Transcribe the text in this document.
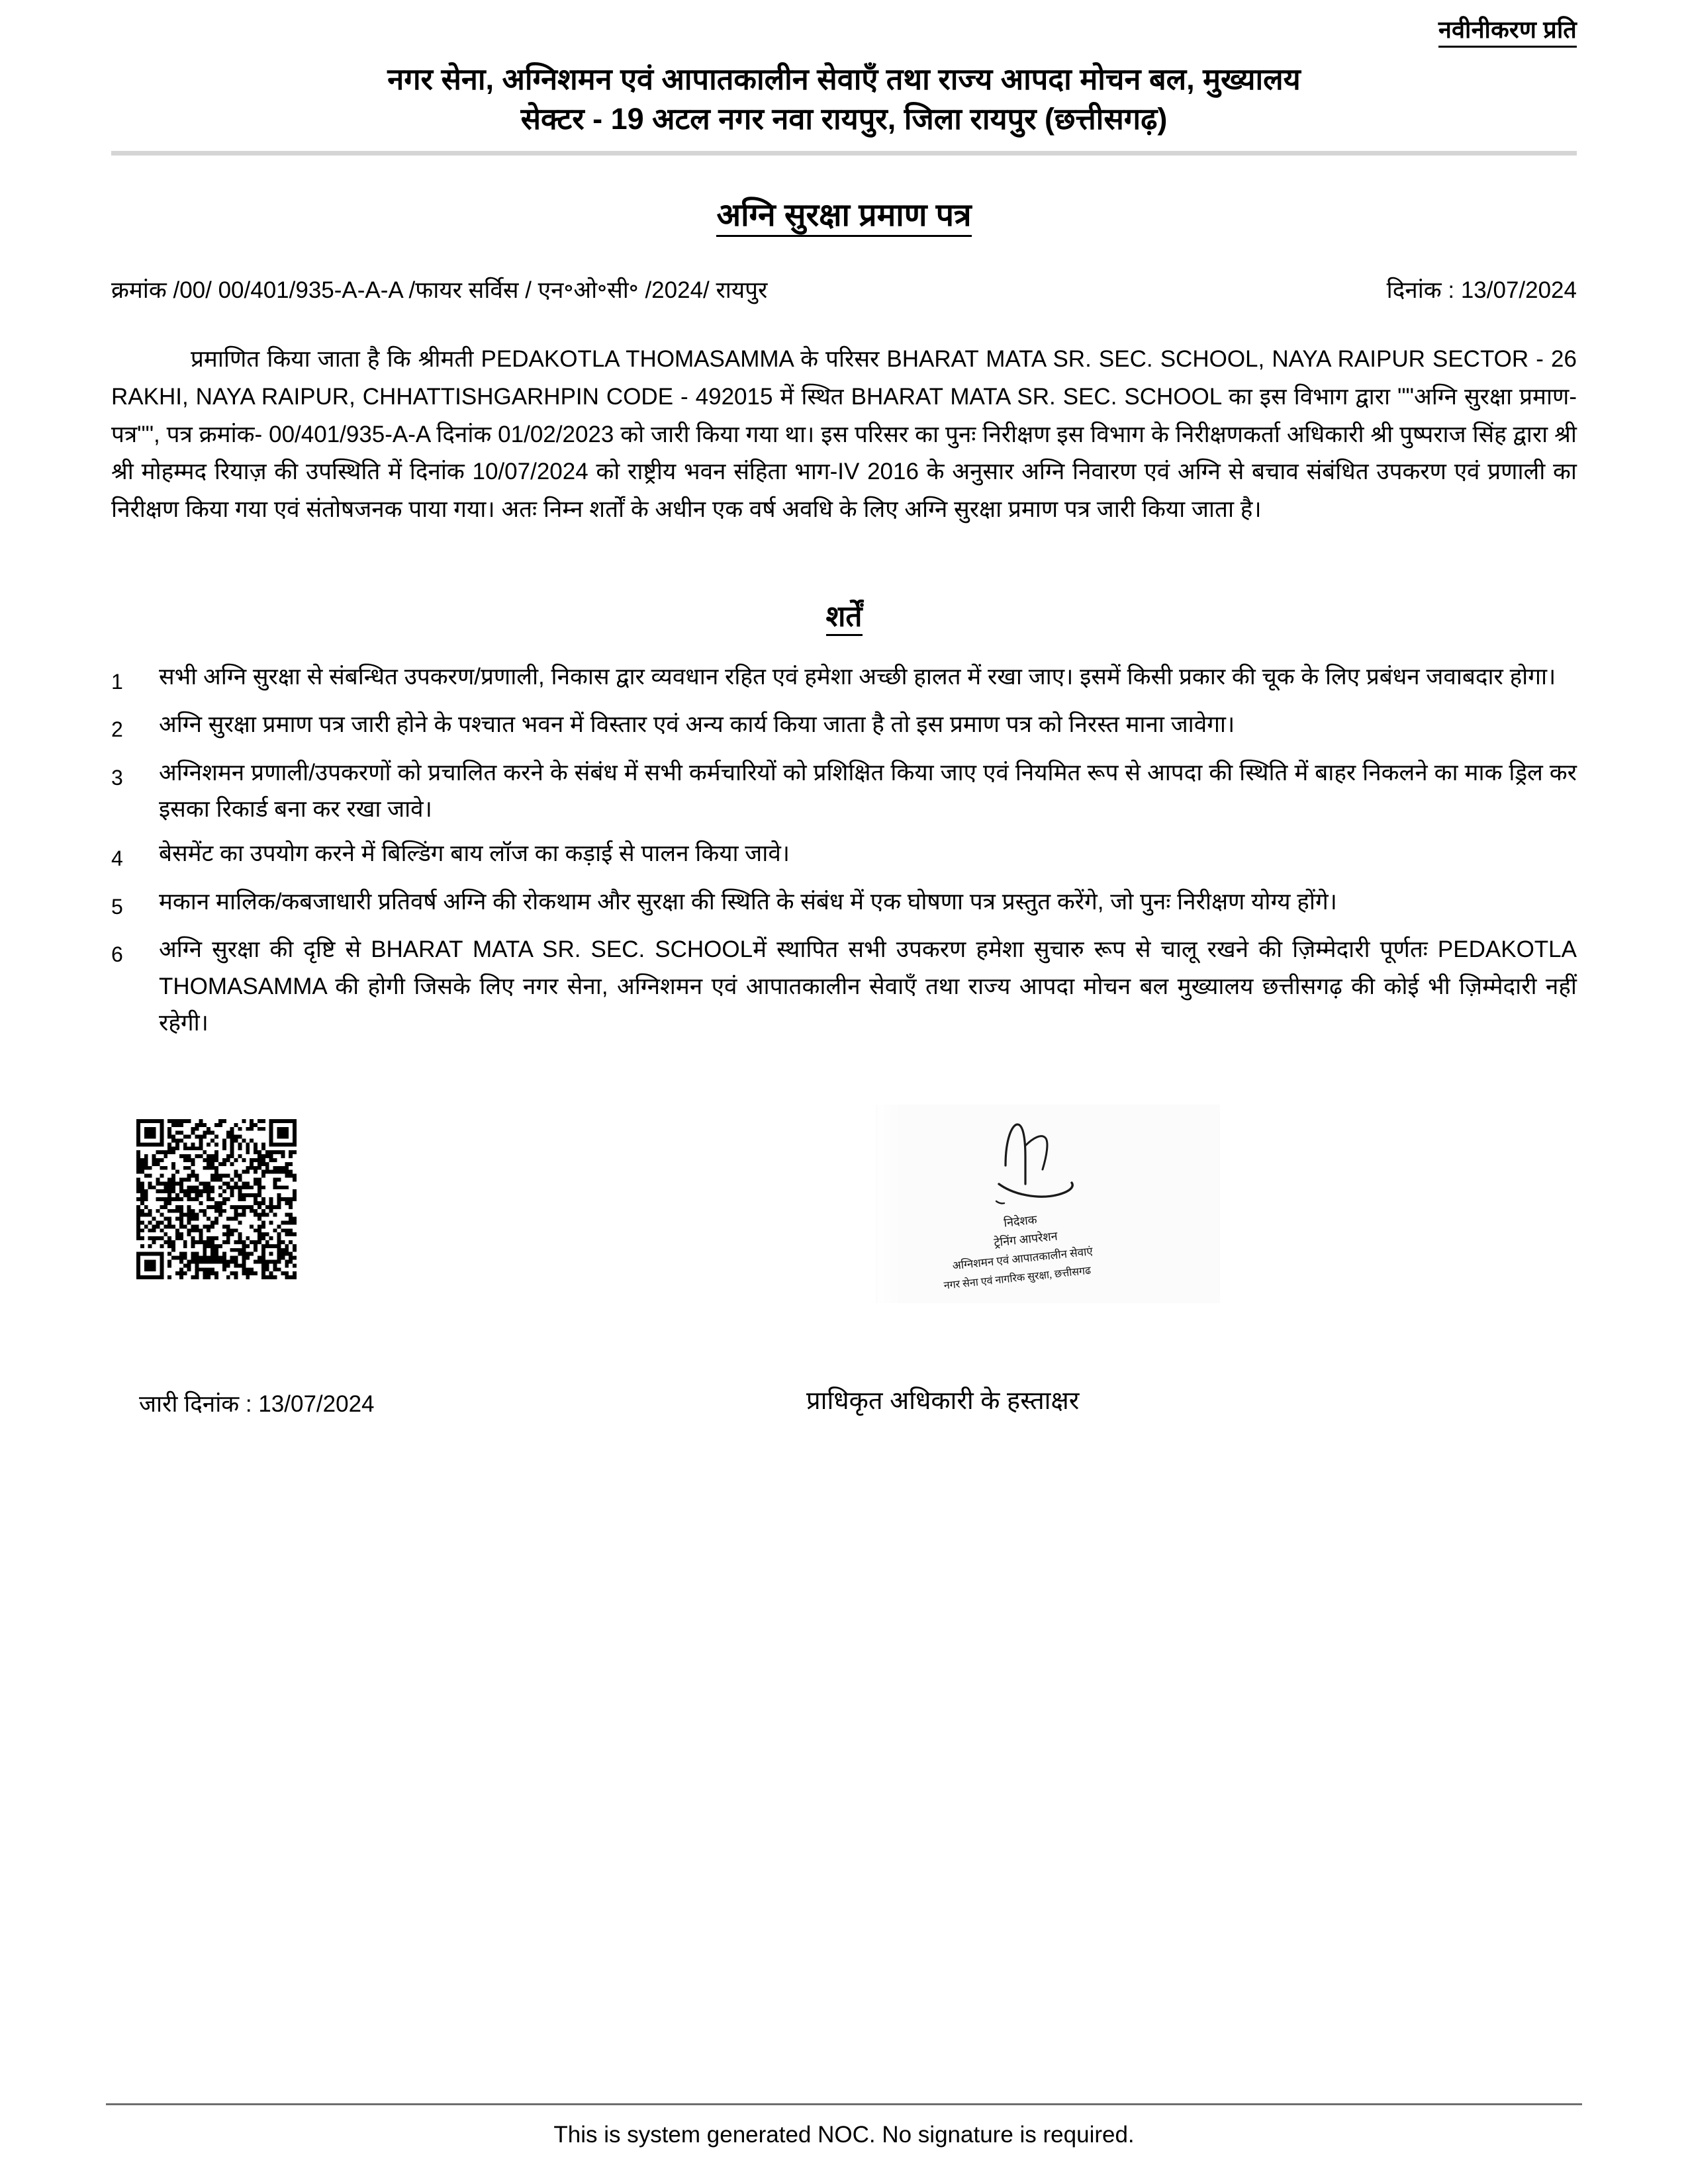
नवीनीकरण प्रति
नगर सेना, अग्निशमन एवं आपातकालीन सेवाएँ तथा राज्य आपदा मोचन बल, मुख्यालय
सेक्टर - 19 अटल नगर नवा रायपुर, जिला रायपुर (छत्तीसगढ़)
अग्नि सुरक्षा प्रमाण पत्र
क्रमांक /00/ 00/401/935-A-A-A /फायर सर्विस / एन॰ओ॰सी॰ /2024/ रायपुर	दिनांक : 13/07/2024
प्रमाणित किया जाता है कि श्रीमती PEDAKOTLA THOMASAMMA के परिसर BHARAT MATA SR. SEC. SCHOOL, NAYA RAIPUR SECTOR - 26 RAKHI, NAYA RAIPUR, CHHATTISHGARHPIN CODE - 492015 में स्थित BHARAT MATA SR. SEC. SCHOOL का इस विभाग द्वारा ""अग्नि सुरक्षा प्रमाण-पत्र"", पत्र क्रमांक- 00/401/935-A-A दिनांक 01/02/2023 को जारी किया गया था। इस परिसर का पुनः निरीक्षण इस विभाग के निरीक्षणकर्ता अधिकारी श्री पुष्पराज सिंह द्वारा श्री श्री मोहम्मद रियाज़ की उपस्थिति में दिनांक 10/07/2024 को राष्ट्रीय भवन संहिता भाग-IV 2016 के अनुसार अग्नि निवारण एवं अग्नि से बचाव संबंधित उपकरण एवं प्रणाली का निरीक्षण किया गया एवं संतोषजनक पाया गया। अतः निम्न शर्तों के अधीन एक वर्ष अवधि के लिए अग्नि सुरक्षा प्रमाण पत्र जारी किया जाता है।
शर्तें
1	सभी अग्नि सुरक्षा से संबन्धित उपकरण/प्रणाली, निकास द्वार व्यवधान रहित एवं हमेशा अच्छी हालत में रखा जाए। इसमें किसी प्रकार की चूक के लिए प्रबंधन जवाबदार होगा।
2	अग्नि सुरक्षा प्रमाण पत्र जारी होने के पश्चात भवन में विस्तार एवं अन्य कार्य किया जाता है तो इस प्रमाण पत्र को निरस्त माना जावेगा।
3	अग्निशमन प्रणाली/उपकरणों को प्रचालित करने के संबंध में सभी कर्मचारियों को प्रशिक्षित किया जाए एवं नियमित रूप से आपदा की स्थिति में बाहर निकलने का माक ड्रिल कर इसका रिकार्ड बना कर रखा जावे।
4	बेसमेंट का उपयोग करने में बिल्डिंग बाय लॉज का कड़ाई से पालन किया जावे।
5	मकान मालिक/कबजाधारी प्रतिवर्ष अग्नि की रोकथाम और सुरक्षा की स्थिति के संबंध में एक घोषणा पत्र प्रस्तुत करेंगे, जो पुनः निरीक्षण योग्य होंगे।
6	अग्नि सुरक्षा की दृष्टि से BHARAT MATA SR. SEC. SCHOOLमें स्थापित सभी उपकरण हमेशा सुचारु रूप से चालू रखने की ज़िम्मेदारी पूर्णतः PEDAKOTLA THOMASAMMA की होगी जिसके लिए नगर सेना, अग्निशमन एवं आपातकालीन सेवाएँ तथा राज्य आपदा मोचन बल मुख्यालय छत्तीसगढ़ की कोई भी ज़िम्मेदारी नहीं रहेगी।
निदेशक
ट्रेनिंग आपरेशन
अग्निशमन एवं आपातकालीन सेवाएं
नगर सेना एवं नागरिक सुरक्षा, छत्तीसगढ
जारी दिनांक : 13/07/2024	प्राधिकृत अधिकारी के हस्ताक्षर
This is system generated NOC. No signature is required.
